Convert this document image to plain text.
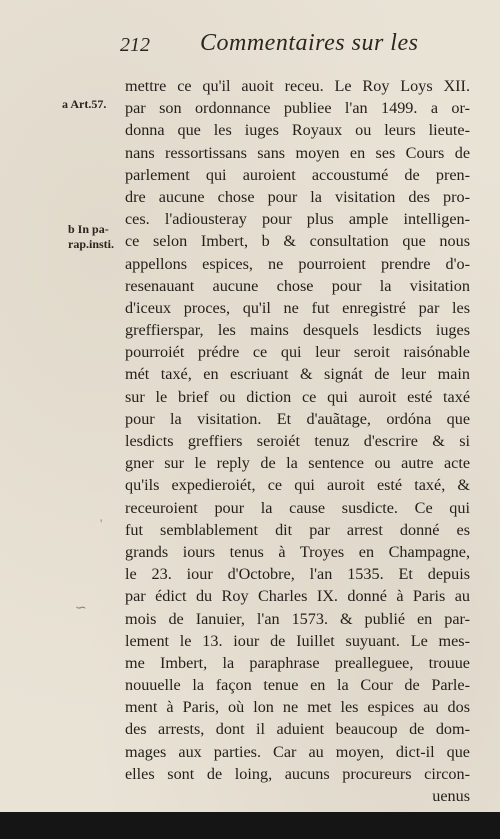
212 Commentaires sur les
a Art.57.
b In pa-
rap.insti.
'
∽
mettre ce qu'il auoit receu. Le Roy Loys XII.
par son ordonnance publiee l'an 1499. a or-
donna que les iuges Royaux ou leurs lieute-
nans ressortissans sans moyen en ses Cours de
parlement qui auroient accoustumé de pren-
dre aucune chose pour la visitation des pro-
ces. l'adiousteray pour plus ample intelligen-
ce selon Imbert, b & consultation que nous
appellons espices, ne pourroient prendre d'o-
resenauant aucune chose pour la visitation
d'iceux proces, qu'il ne fut enregistré par les
greffierspar, les mains desquels lesdicts iuges
pourroiét prédre ce qui leur seroit raisónable
mét taxé, en escriuant & signát de leur main
sur le brief ou diction ce qui auroit esté taxé
pour la visitation. Et d'auãtage, ordóna que
lesdicts greffiers seroiét tenuz d'escrire & si
gner sur le reply de la sentence ou autre acte
qu'ils expedieroiét, ce qui auroit esté taxé, &
receuroient pour la cause susdicte. Ce qui
fut semblablement dit par arrest donné es
grands iours tenus à Troyes en Champagne,
le 23. iour d'Octobre, l'an 1535. Et depuis
par édict du Roy Charles IX. donné à Paris au
mois de Ianuier, l'an 1573. & publié en par-
lement le 13. iour de Iuillet suyuant. Le mes-
me Imbert, la paraphrase prealleguee, trouue
nouuelle la façon tenue en la Cour de Parle-
ment à Paris, où lon ne met les espices au dos
des arrests, dont il aduient beaucoup de dom-
mages aux parties. Car au moyen, dict-il que
elles sont de loing, aucuns procureurs circon-
uenus
